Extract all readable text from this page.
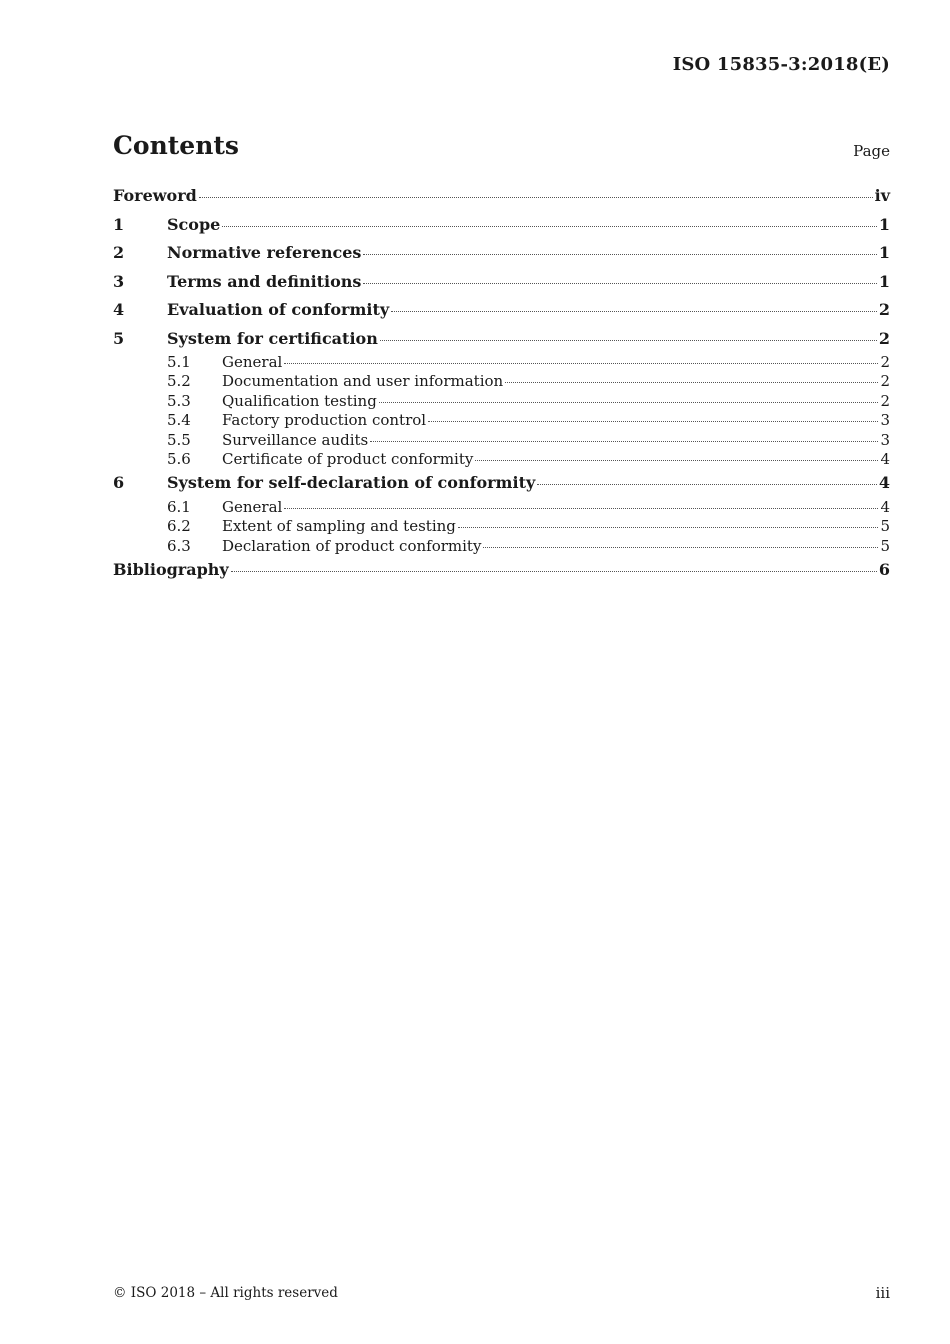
ISO 15835-3:2018(E)
Contents	Page
Foreword	iv
1	Scope	1
2	Normative references	1
3	Terms and definitions	1
4	Evaluation of conformity	2
5	System for certification	2
5.1	General	2
5.2	Documentation and user information	2
5.3	Qualification testing	2
5.4	Factory production control	3
5.5	Surveillance audits	3
5.6	Certificate of product conformity	4
6	System for self-declaration of conformity	4
6.1	General	4
6.2	Extent of sampling and testing	5
6.3	Declaration of product conformity	5
Bibliography	6
© ISO 2018 – All rights reserved	iii
